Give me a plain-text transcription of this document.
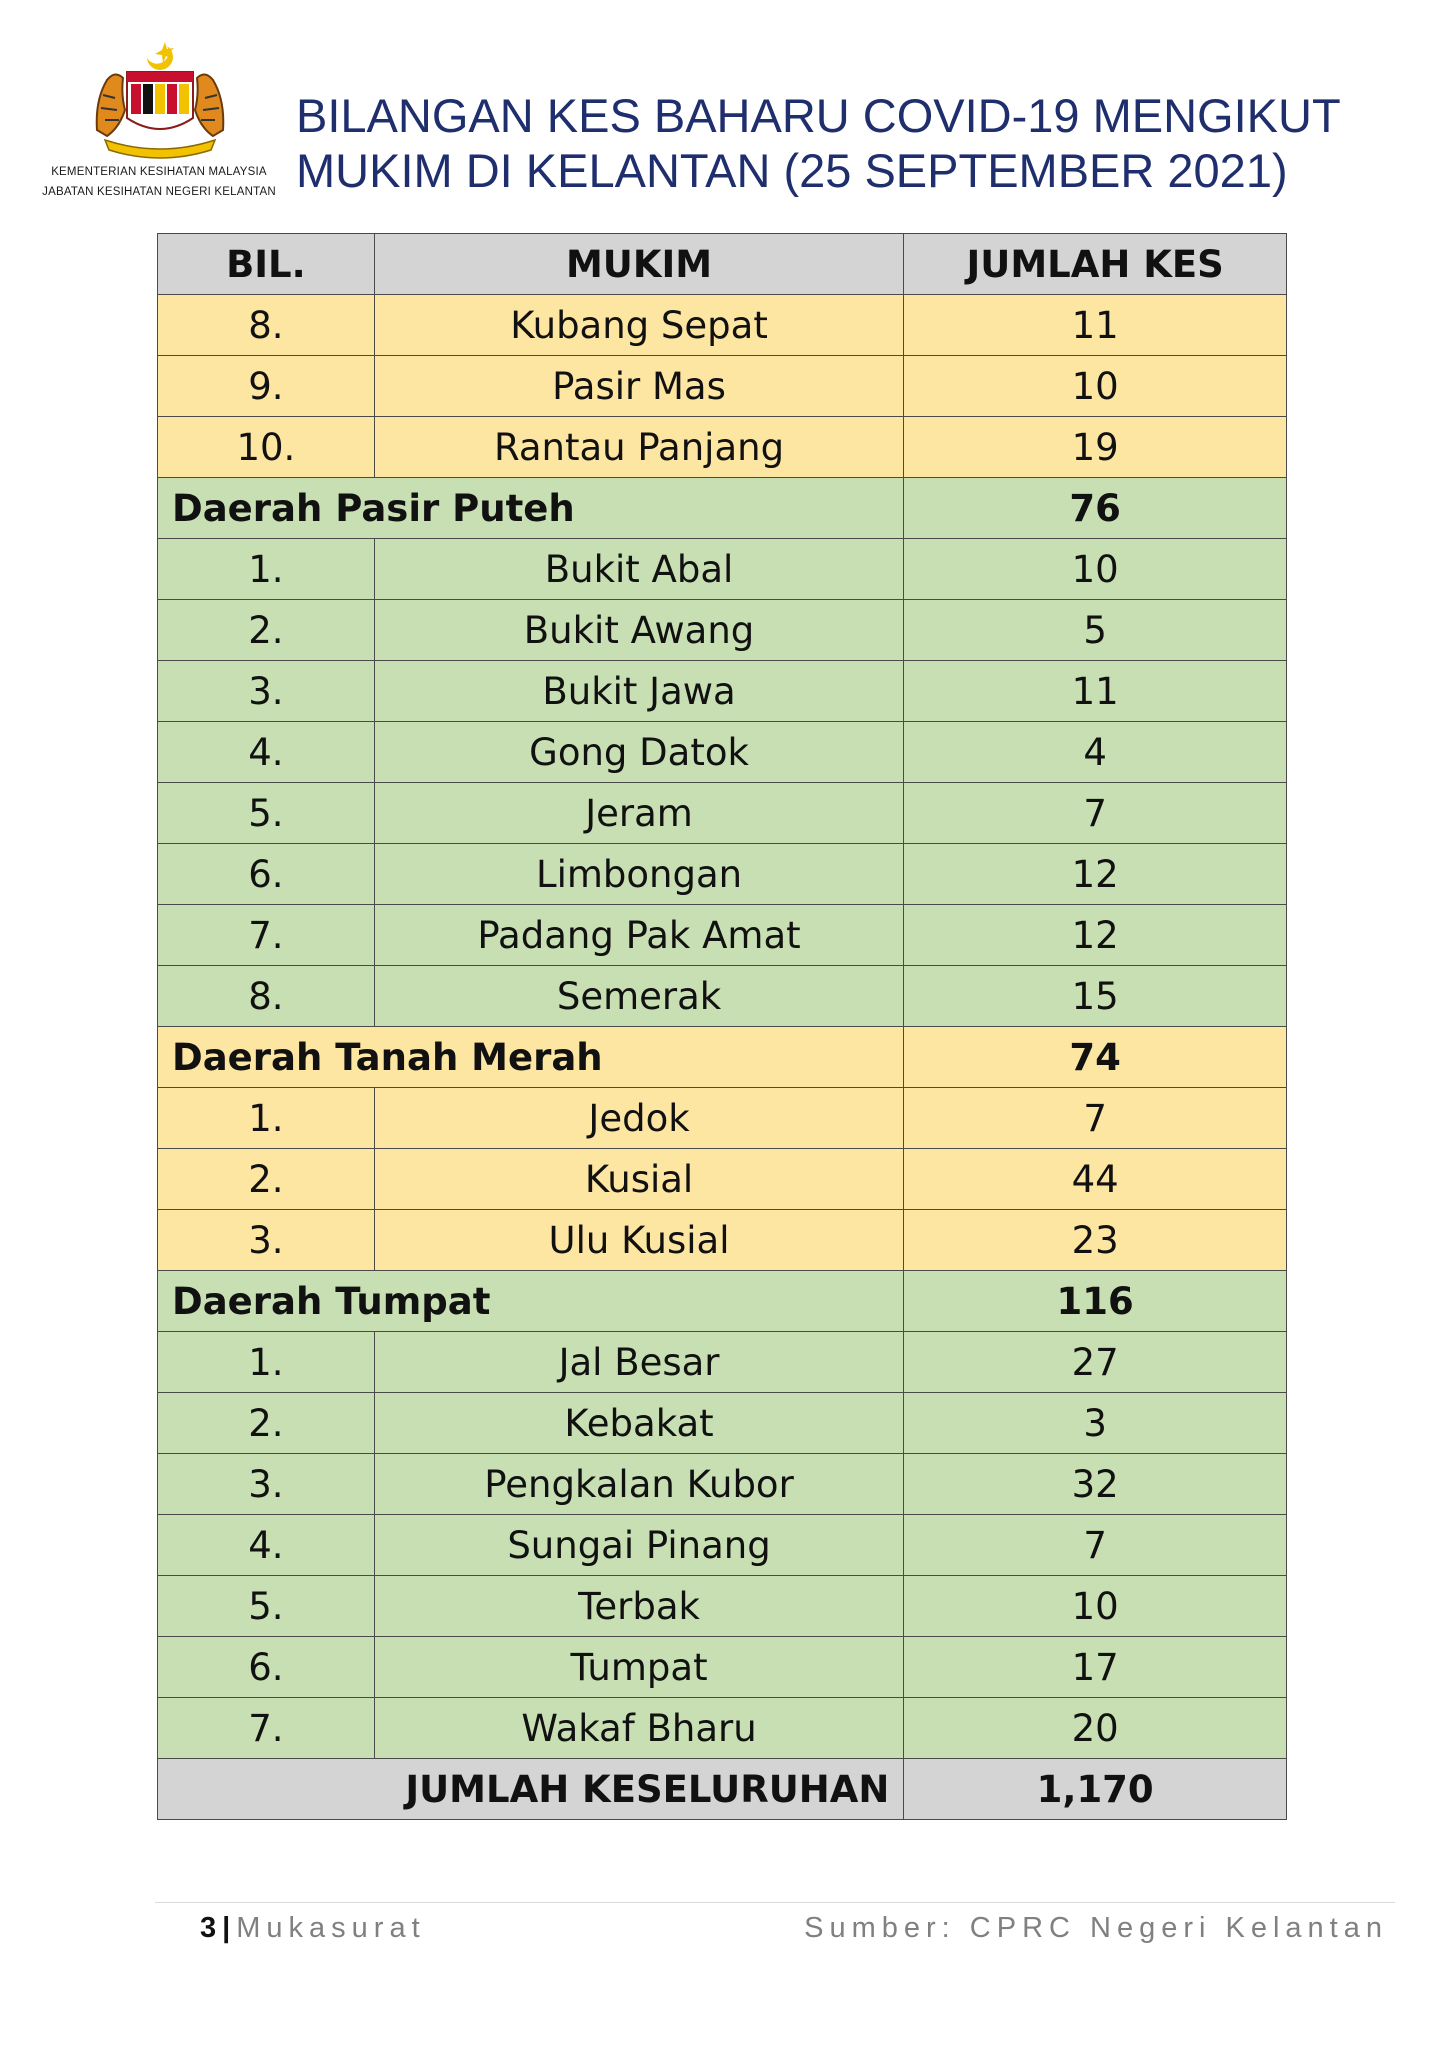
KEMENTERIAN KESIHATAN MALAYSIA
JABATAN KESIHATAN NEGERI KELANTAN
BILANGAN KES BAHARU COVID-19 MENGIKUT
MUKIM DI KELANTAN (25 SEPTEMBER 2021)
BIL.	MUKIM	JUMLAH KES
8.	Kubang Sepat	11
9.	Pasir Mas	10
10.	Rantau Panjang	19
Daerah Pasir Puteh		76
1.	Bukit Abal	10
2.	Bukit Awang	5
3.	Bukit Jawa	11
4.	Gong Datok	4
5.	Jeram	7
6.	Limbongan	12
7.	Padang Pak Amat	12
8.	Semerak	15
Daerah Tanah Merah		74
1.	Jedok	7
2.	Kusial	44
3.	Ulu Kusial	23
Daerah Tumpat		116
1.	Jal Besar	27
2.	Kebakat	3
3.	Pengkalan Kubor	32
4.	Sungai Pinang	7
5.	Terbak	10
6.	Tumpat	17
7.	Wakaf Bharu	20
JUMLAH KESELURUHAN		1,170
3 | Mukasurat	Sumber: CPRC Negeri Kelantan
